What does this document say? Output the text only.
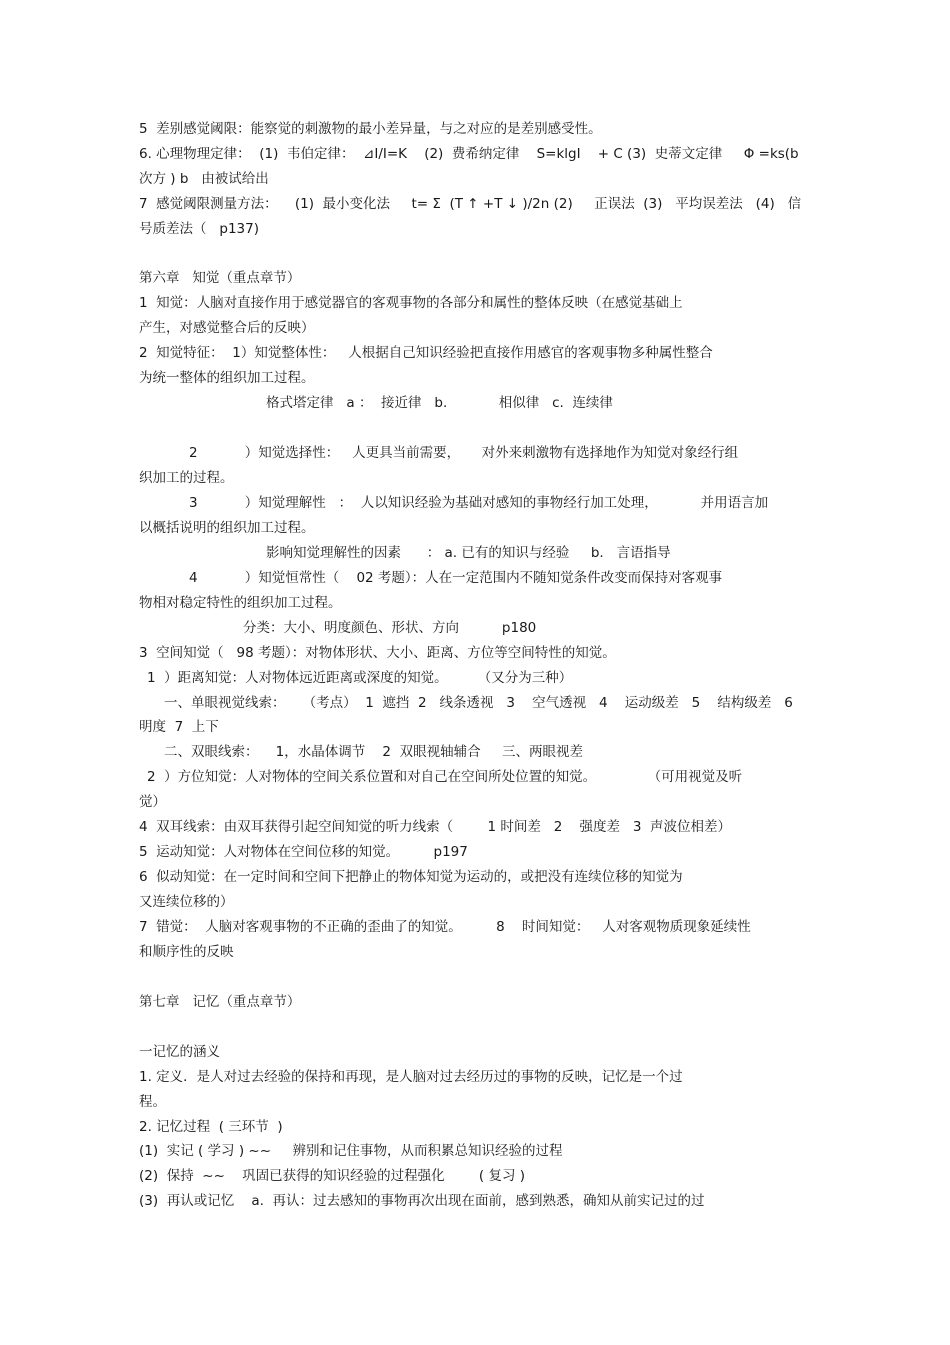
5  差别感觉阈限：能察觉的刺激物的最小差异量，与之对应的是差别感受性。
6. 心理物理定律：  (1)  韦伯定律：  ⊿I/I=K    (2)  费希纳定律    S=klgI    + C (3)  史蒂文定律     Φ =ks(b
次方 ) b   由被试给出
7  感觉阈限测量方法：    (1)  最小变化法     t= Σ  (T ↑ +T ↓ )/2n (2)     正误法  (3)   平均误差法   (4)   信
号质差法（   p137)
第六章   知觉（重点章节）
1  知觉：人脑对直接作用于感觉器官的客观事物的各部分和属性的整体反映（在感觉基础上
产生，对感觉整合后的反映）
2  知觉特征：  1）知觉整体性：   人根据自己知识经验把直接作用感官的客观事物多种属性整合
为统一整体的组织加工过程。
格式塔定律   a ：  接近律   b.            相似律   c.  连续律
2           ）知觉选择性：   人更具当前需要，     对外来刺激物有选择地作为知觉对象经行组
织加工的过程。
3           ）知觉理解性   ：  人以知识经验为基础对感知的事物经行加工处理，          并用语言加
以概括说明的组织加工过程。
影响知觉理解性的因素      ： a. 已有的知识与经验     b.   言语指导
4           ）知觉恒常性（    02 考题）：人在一定范围内不随知觉条件改变而保持对客观事
物相对稳定特性的组织加工过程。
分类：大小、明度颜色、形状、方向          p180
3  空间知觉（   98 考题）：对物体形状、大小、距离、方位等空间特性的知觉。
1  ）距离知觉：人对物体远近距离或深度的知觉。       （又分为三种）
一、单眼视觉线索：    （考点）  1  遮挡  2   线条透视   3    空气透视   4    运动级差   5    结构级差   6
明度  7  上下
二、双眼线索：    1，水晶体调节    2  双眼视轴辅合     三、两眼视差
2  ）方位知觉：人对物体的空间关系位置和对自己在空间所处位置的知觉。            （可用视觉及听
觉）
4  双耳线索：由双耳获得引起空间知觉的听力线索（        1 时间差   2    强度差   3  声波位相差）
5  运动知觉：人对物体在空间位移的知觉。        p197
6  似动知觉：在一定时间和空间下把静止的物体知觉为运动的，或把没有连续位移的知觉为
又连续位移的）
7  错觉：  人脑对客观事物的不正确的歪曲了的知觉。        8    时间知觉：   人对客观物质现象延续性
和顺序性的反映
第七章   记忆（重点章节）
一记忆的涵义
1. 定义．是人对过去经验的保持和再现，是人脑对过去经历过的事物的反映，记忆是一个过
程。
2. 记忆过程  ( 三环节  )
(1)  实记 ( 学习 ) ~~     辨别和记住事物，从而积累总知识经验的过程
(2)  保持  ~~    巩固已获得的知识经验的过程强化        ( 复习 )
(3)  再认或记忆    a.  再认：过去感知的事物再次出现在面前，感到熟悉，确知从前实记过的过
